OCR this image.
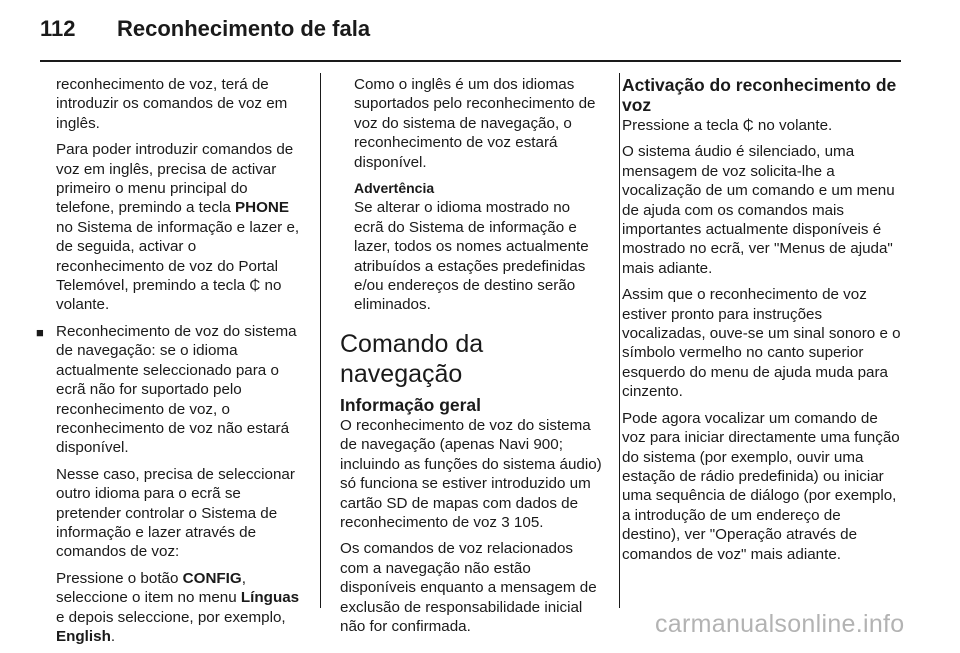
112 Reconhecimento de fala

reconhecimento de voz, terá de introduzir os comandos de voz em inglês.

Para poder introduzir comandos de voz em inglês, precisa de activar primeiro o menu principal do telefone, premindo a tecla PHONE no Sistema de informação e lazer e, de seguida, activar o reconhecimento de voz do Portal Telemóvel, premindo a tecla ₵ no volante.

■ Reconhecimento de voz do sistema de navegação: se o idioma actualmente seleccionado para o ecrã não for suportado pelo reconhecimento de voz, o reconhecimento de voz não estará disponível.

Nesse caso, precisa de seleccionar outro idioma para o ecrã se pretender controlar o Sistema de informação e lazer através de comandos de voz:

Pressione o botão CONFIG, seleccione o item no menu Línguas e depois seleccione, por exemplo, English.

Como o inglês é um dos idiomas suportados pelo reconhecimento de voz do sistema de navegação, o reconhecimento de voz estará disponível.

Advertência

Se alterar o idioma mostrado no ecrã do Sistema de informação e lazer, todos os nomes actualmente atribuídos a estações predefinidas e/ou endereços de destino serão eliminados.

Comando da navegação
Informação geral

O reconhecimento de voz do sistema de navegação (apenas Navi 900; incluindo as funções do sistema áudio) só funciona se estiver introduzido um cartão SD de mapas com dados de reconhecimento de voz 3 105.

Os comandos de voz relacionados com a navegação não estão disponíveis enquanto a mensagem de exclusão de responsabilidade inicial não for confirmada.

Activação do reconhecimento de voz

Pressione a tecla ₵ no volante.

O sistema áudio é silenciado, uma mensagem de voz solicita-lhe a vocalização de um comando e um menu de ajuda com os comandos mais importantes actualmente disponíveis é mostrado no ecrã, ver "Menus de ajuda" mais adiante.

Assim que o reconhecimento de voz estiver pronto para instruções vocalizadas, ouve-se um sinal sonoro e o símbolo vermelho no canto superior esquerdo do menu de ajuda muda para cinzento.

Pode agora vocalizar um comando de voz para iniciar directamente uma função do sistema (por exemplo, ouvir uma estação de rádio predefinida) ou iniciar uma sequência de diálogo (por exemplo, a introdução de um endereço de destino), ver "Operação através de comandos de voz" mais adiante.

carmanualsonline.info
